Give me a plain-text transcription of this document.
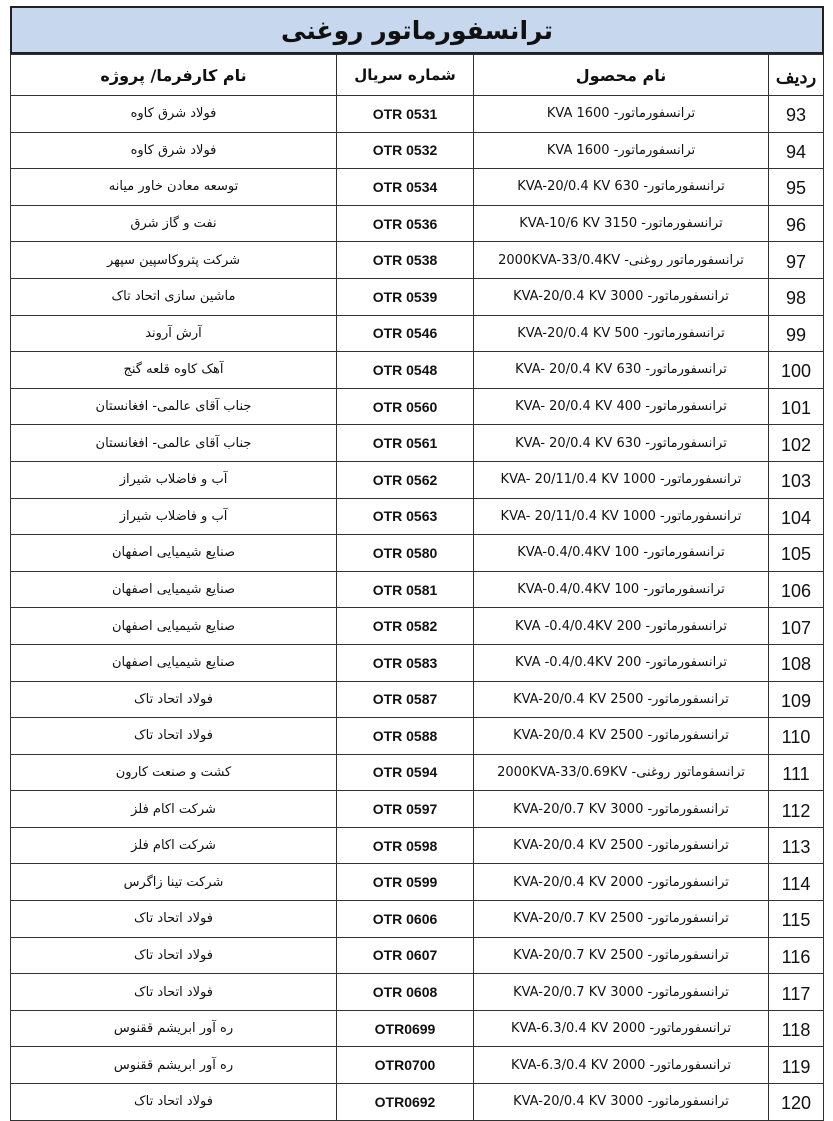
ترانسفورماتور روغنی
ردیف	نام محصول	شماره سریال	نام کارفرما/ پروژه
93	ترانسفورماتور- 1600 KVA	OTR 0531	فولاد شرق کاوه
94	ترانسفورماتور- 1600 KVA	OTR 0532	فولاد شرق کاوه
95	ترانسفورماتور- 630 KVA-20/0.4 KV	OTR 0534	توسعه معادن خاور میانه
96	ترانسفورماتور- 3150 KVA-10/6 KV	OTR 0536	نفت و گاز شرق
97	ترانسفورماتور روغنی- 2000KVA-33/0.4KV	OTR 0538	شرکت پتروکاسپین سپهر
98	ترانسفورماتور- 3000 KVA-20/0.4 KV	OTR 0539	ماشین سازی اتحاد تاک
99	ترانسفورماتور- 500 KVA-20/0.4 KV	OTR 0546	آرش آروند
100	ترانسفورماتور- 630 KVA- 20/0.4 KV	OTR 0548	آهک کاوه قلعه گنج
101	ترانسفورماتور- 400 KVA- 20/0.4 KV	OTR 0560	جناب آقای عالمی- افغانستان
102	ترانسفورماتور- 630 KVA- 20/0.4 KV	OTR 0561	جناب آقای عالمی- افغانستان
103	ترانسفورماتور- 1000 KVA- 20/11/0.4 KV	OTR 0562	آب و فاضلاب شیراز
104	ترانسفورماتور- 1000 KVA- 20/11/0.4 KV	OTR 0563	آب و فاضلاب شیراز
105	ترانسفورماتور- 100 KVA-0.4/0.4KV	OTR 0580	صنایع شیمیایی اصفهان
106	ترانسفورماتور- 100 KVA-0.4/0.4KV	OTR 0581	صنایع شیمیایی اصفهان
107	ترانسفورماتور- 200 KVA -0.4/0.4KV	OTR 0582	صنایع شیمیایی اصفهان
108	ترانسفورماتور- 200 KVA -0.4/0.4KV	OTR 0583	صنایع شیمیایی اصفهان
109	ترانسفورماتور- 2500 KVA-20/0.4 KV	OTR 0587	فولاد اتحاد تاک
110	ترانسفورماتور- 2500 KVA-20/0.4 KV	OTR 0588	فولاد اتحاد تاک
111	ترانسفوماتور روغنی- 2000KVA-33/0.69KV	OTR 0594	کشت و صنعت کارون
112	ترانسفورماتور- 3000 KVA-20/0.7 KV	OTR 0597	شرکت اکام فلز
113	ترانسفورماتور- 2500 KVA-20/0.4 KV	OTR 0598	شرکت اکام فلز
114	ترانسفورماتور- 2000 KVA-20/0.4 KV	OTR 0599	شرکت تینا زاگرس
115	ترانسفورماتور- 2500 KVA-20/0.7 KV	OTR 0606	فولاد اتحاد تاک
116	ترانسفورماتور- 2500 KVA-20/0.7 KV	OTR 0607	فولاد اتحاد تاک
117	ترانسفورماتور- 3000 KVA-20/0.7 KV	OTR 0608	فولاد اتحاد تاک
118	ترانسفورماتور- 2000 KVA-6.3/0.4 KV	OTR0699	ره آور ابریشم ققنوس
119	ترانسفورماتور- 2000 KVA-6.3/0.4 KV	OTR0700	ره آور ابریشم ققنوس
120	ترانسفورماتور- 3000 KVA-20/0.4 KV	OTR0692	فولاد اتحاد تاک
